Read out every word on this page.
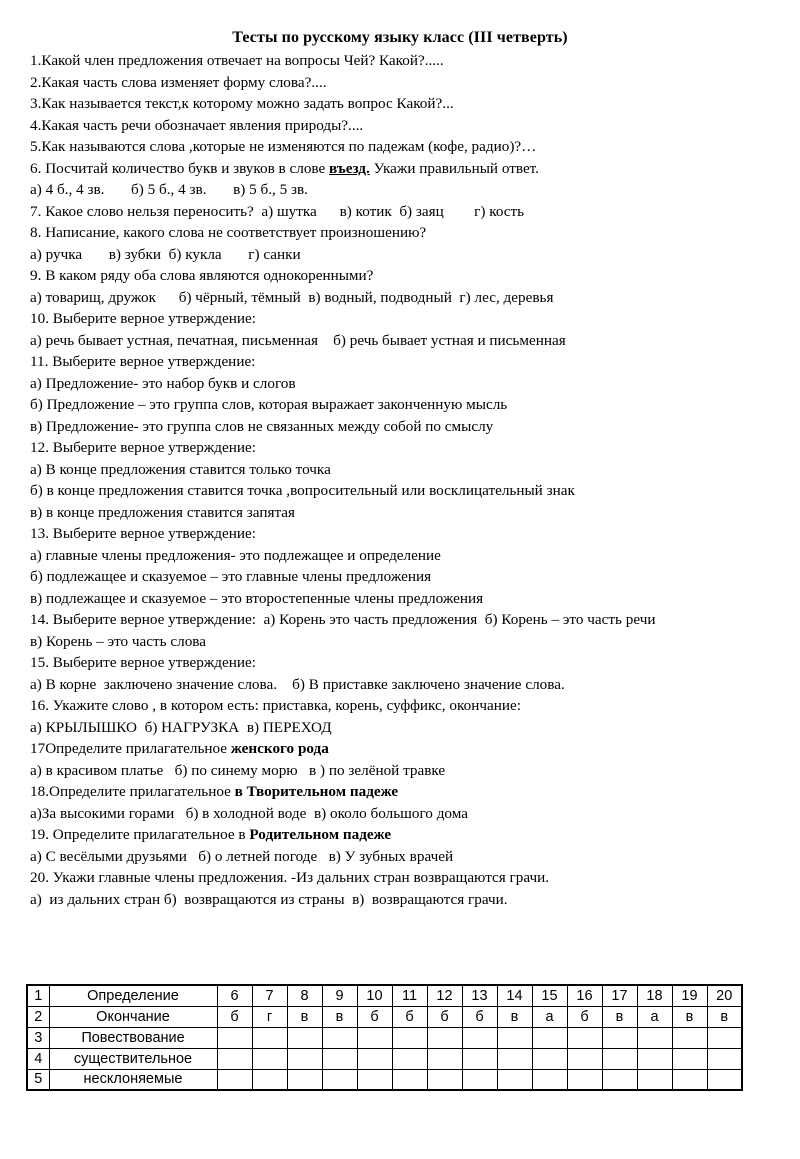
Тесты по русскому языку класс (III четверть)
1.Какой член предложения отвечает на вопросы Чей? Какой?.....
2.Какая часть слова изменяет форму слова?....
3.Как называется текст,к которому можно задать вопрос Какой?...
4.Какая часть речи обозначает явления природы?....
5.Как называются слова ,которые не изменяются по падежам (кофе, радио)?…
6. Посчитай количество букв и звуков в слове въезд. Укажи правильный ответ.
а) 4 б., 4 зв.       б) 5 б., 4 зв.       в) 5 б., 5 зв.
7. Какое слово нельзя переносить?  а) шутка      в) котик  б) заяц        г) кость
8. Написание, какого слова не соответствует произношению?
а) ручка       в) зубки  б) кукла       г) санки
9. В каком ряду оба слова являются однокоренными?
а) товарищ, дружок      б) чёрный, тёмный  в) водный, подводный  г) лес, деревья
10. Выберите верное утверждение:
а) речь бывает устная, печатная, письменная    б) речь бывает устная и письменная
11. Выберите верное утверждение:
а) Предложение- это набор букв и слогов
б) Предложение – это группа слов, которая выражает законченную мысль
в) Предложение- это группа слов не связанных между собой по смыслу
12. Выберите верное утверждение:
а) В конце предложения ставится только точка
б) в конце предложения ставится точка ,вопросительный или восклицательный знак
в) в конце предложения ставится запятая
13. Выберите верное утверждение:
а) главные члены предложения- это подлежащее и определение
б) подлежащее и сказуемое – это главные члены предложения
в) подлежащее и сказуемое – это второстепенные члены предложения
14. Выберите верное утверждение:  а) Корень это часть предложения  б) Корень – это часть речи
в) Корень – это часть слова
15. Выберите верное утверждение:
а) В корне  заключено значение слова.    б) В приставке заключено значение слова.
16. Укажите слово , в котором есть: приставка, корень, суффикс, окончание:
а) КРЫЛЫШКО  б) НАГРУЗКА  в) ПЕРЕХОД
17Определите прилагательное женского рода
а) в красивом платье   б) по синему морю   в ) по зелёной травке
18.Определите прилагательное в Творительном падеже
а)За высокими горами   б) в холодной воде  в) около большого дома
19. Определите прилагательное в Родительном падеже
а) С весёлыми друзьями   б) о летней погоде   в) У зубных врачей
20. Укажи главные члены предложения. -Из дальних стран возвращаются грачи.
а)  из дальних стран б)  возвращаются из страны  в)  возвращаются грачи.
1	Определение	6	7	8	9	10	11	12	13	14	15	16	17	18	19	20
2	Окончание	б	г	в	в	б	б	б	б	в	а	б	в	а	в	в
3	Повествование															
4	существительное															
5	несклоняемые															
